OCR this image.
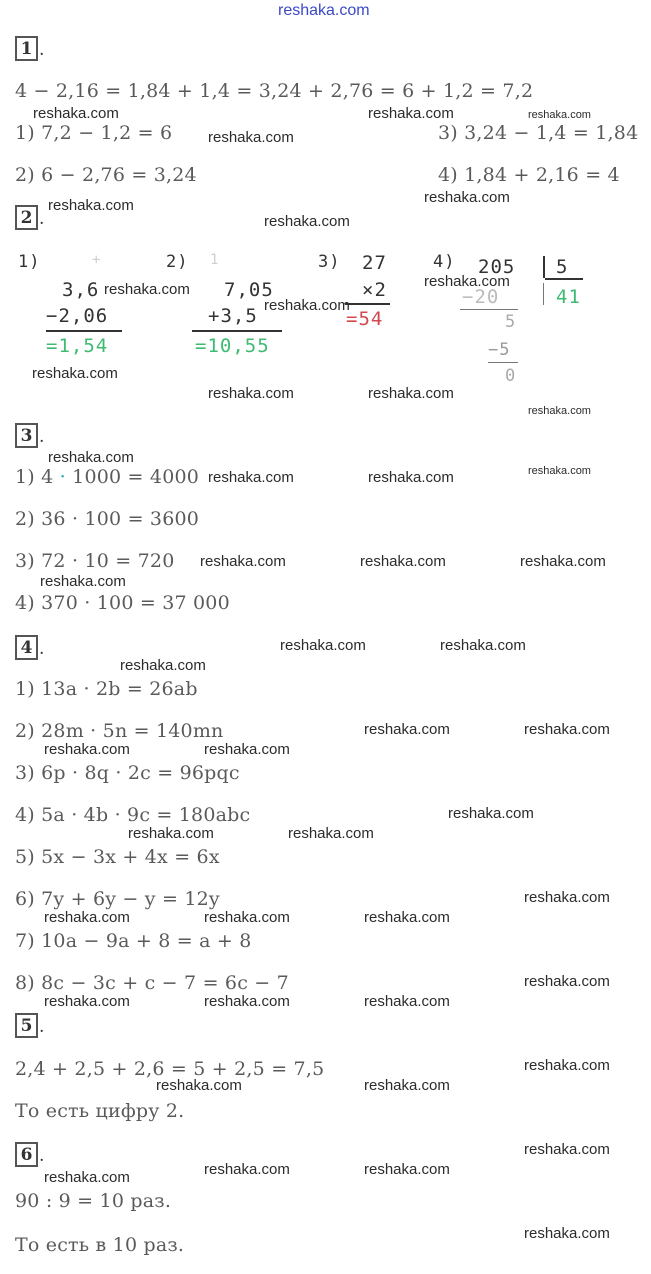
reshaka.com
1 .
4 − 2,16 = 1,84 + 1,4 = 3,24 + 2,76 = 6 + 1,2 = 7,2
1) 7,2 − 1,2 = 6	3) 3,24 − 1,4 = 1,84
2) 6 − 2,76 = 3,24	4) 1,84 + 2,16 = 4
2 .
1)	2)	3)	4)
+
3,6
−2,06
=1,54
1
7,05
+3,5
=10,55
27
×2
=54
205 5
41
−20
5
−5
0
3 .
1) 4 · 1000 = 4000
2) 36 · 100 = 3600
3) 72 · 10 = 720
4) 370 · 100 = 37 000
4 .
1) 13a · 2b = 26ab
2) 28m · 5n = 140mn
3) 6p · 8q · 2c = 96pqc
4) 5a · 4b · 9c = 180abc
5) 5x − 3x + 4x = 6x
6) 7y + 6y − y = 12y
7) 10a − 9a + 8 = a + 8
8) 8c − 3c + c − 7 = 6c − 7
5 .
2,4 + 2,5 + 2,6 = 5 + 2,5 = 7,5
То есть цифру 2.
6 .
90 : 9 = 10 раз.
То есть в 10 раз.
reshaka.com	reshaka.com	reshaka.com
reshaka.com
reshaka.com
reshaka.com
reshaka.com
reshaka.com
reshaka.com
reshaka.com
reshaka.com
reshaka.com	reshaka.com
reshaka.com
reshaka.com
reshaka.com	reshaka.com	reshaka.com
reshaka.com	reshaka.com	reshaka.com
reshaka.com
reshaka.com	reshaka.com
reshaka.com
reshaka.com	reshaka.com
reshaka.com	reshaka.com
reshaka.com
reshaka.com	reshaka.com
reshaka.com
reshaka.com	reshaka.com	reshaka.com
reshaka.com
reshaka.com	reshaka.com	reshaka.com
reshaka.com
reshaka.com	reshaka.com
reshaka.com
reshaka.com	reshaka.com
reshaka.com
reshaka.com
